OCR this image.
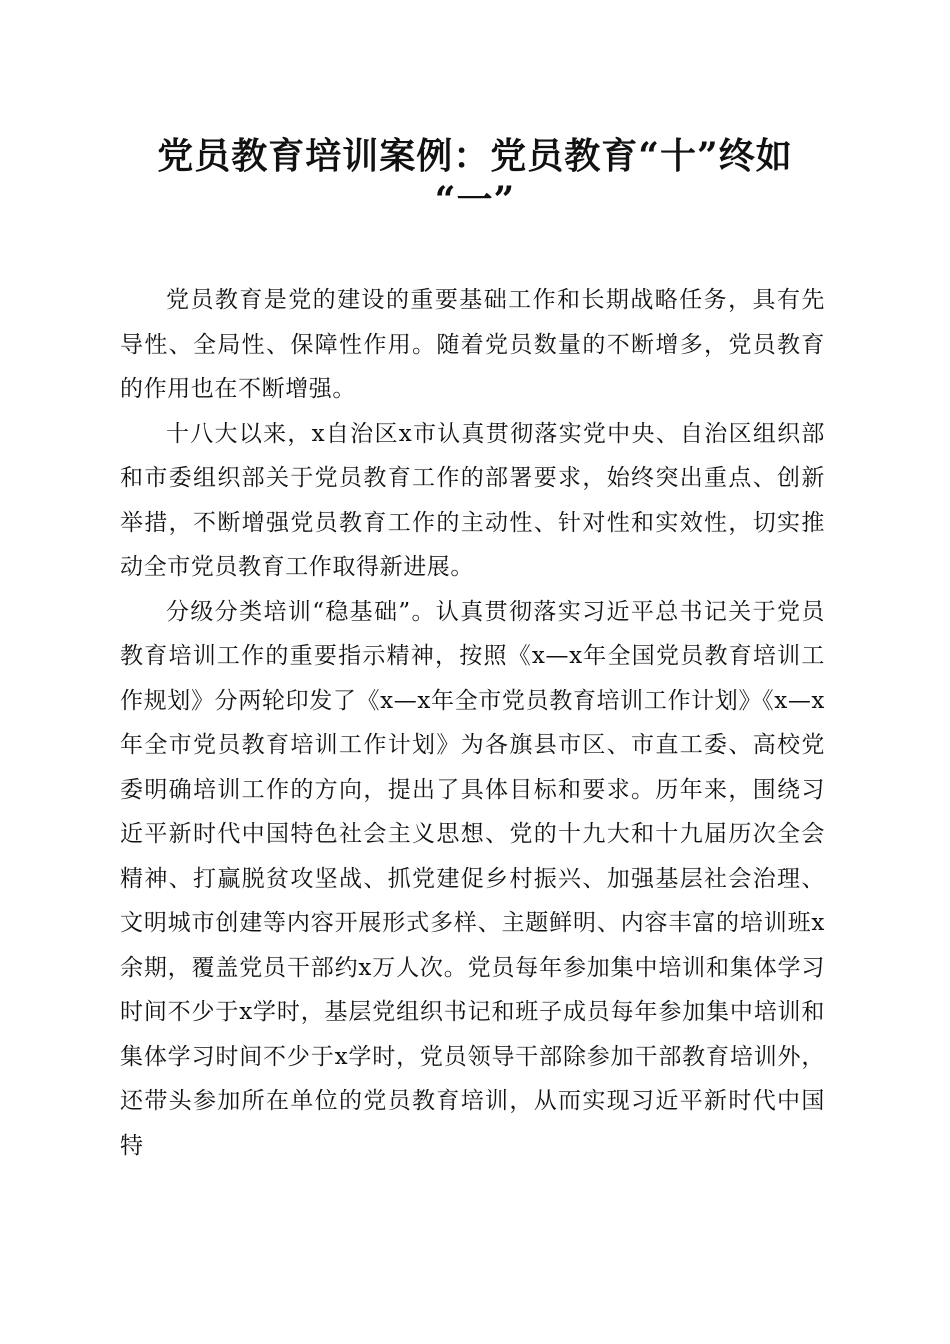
党员教育培训案例：党员教育“十”终如
“一”

党员教育是党的建设的重要基础工作和长期战略任务，具有先导性、全局性、保障性作用。随着党员数量的不断增多，党员教育的作用也在不断增强。

十八大以来，x自治区x市认真贯彻落实党中央、自治区组织部和市委组织部关于党员教育工作的部署要求，始终突出重点、创新举措，不断增强党员教育工作的主动性、针对性和实效性，切实推动全市党员教育工作取得新进展。

分级分类培训“稳基础”。认真贯彻落实习近平总书记关于党员教育培训工作的重要指示精神，按照《x—x年全国党员教育培训工作规划》分两轮印发了《x—x年全市党员教育培训工作计划》《x—x年全市党员教育培训工作计划》为各旗县市区、市直工委、高校党委明确培训工作的方向，提出了具体目标和要求。历年来，围绕习近平新时代中国特色社会主义思想、党的十九大和十九届历次全会精神、打赢脱贫攻坚战、抓党建促乡村振兴、加强基层社会治理、文明城市创建等内容开展形式多样、主题鲜明、内容丰富的培训班x余期，覆盖党员干部约x万人次。党员每年参加集中培训和集体学习时间不少于x学时，基层党组织书记和班子成员每年参加集中培训和集体学习时间不少于x学时，党员领导干部除参加干部教育培训外，还带头参加所在单位的党员教育培训，从而实现习近平新时代中国特
